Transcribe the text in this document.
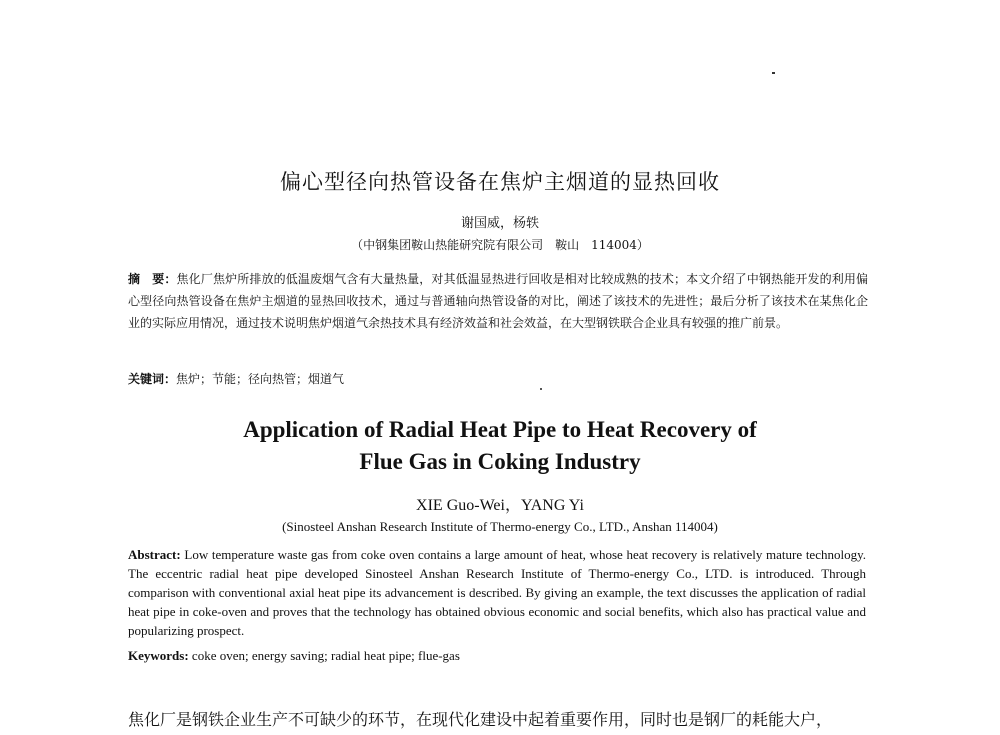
偏心型径向热管设备在焦炉主烟道的显热回收
谢国威，杨轶
（中钢集团鞍山热能研究院有限公司　鞍山　114004）
摘　要：焦化厂焦炉所排放的低温废烟气含有大量热量，对其低温显热进行回收是相对比较成熟的技术；本文介绍了中钢热能开发的利用偏心型径向热管设备在焦炉主烟道的显热回收技术，通过与普通轴向热管设备的对比，阐述了该技术的先进性；最后分析了该技术在某焦化企业的实际应用情况，通过技术说明焦炉烟道气余热技术具有经济效益和社会效益，在大型钢铁联合企业具有较强的推广前景。
关键词：焦炉；节能；径向热管；烟道气
Application of Radial Heat Pipe to Heat Recovery of
Flue Gas in Coking Industry
XIE Guo-Wei，YANG Yi
(Sinosteel Anshan Research Institute of Thermo-energy Co., LTD., Anshan 114004)
Abstract: Low temperature waste gas from coke oven contains a large amount of heat, whose heat recovery is relatively mature technology. The eccentric radial heat pipe developed Sinosteel Anshan Research Institute of Thermo-energy Co., LTD. is introduced. Through comparison with conventional axial heat pipe its advancement is described. By giving an example, the text discusses the application of radial heat pipe in coke-oven and proves that the technology has obtained obvious economic and social benefits, which also has practical value and popularizing prospect.
Keywords: coke oven; energy saving; radial heat pipe; flue-gas
焦化厂是钢铁企业生产不可缺少的环节，在现代化建设中起着重要作用，同时也是钢厂的耗能大户，
